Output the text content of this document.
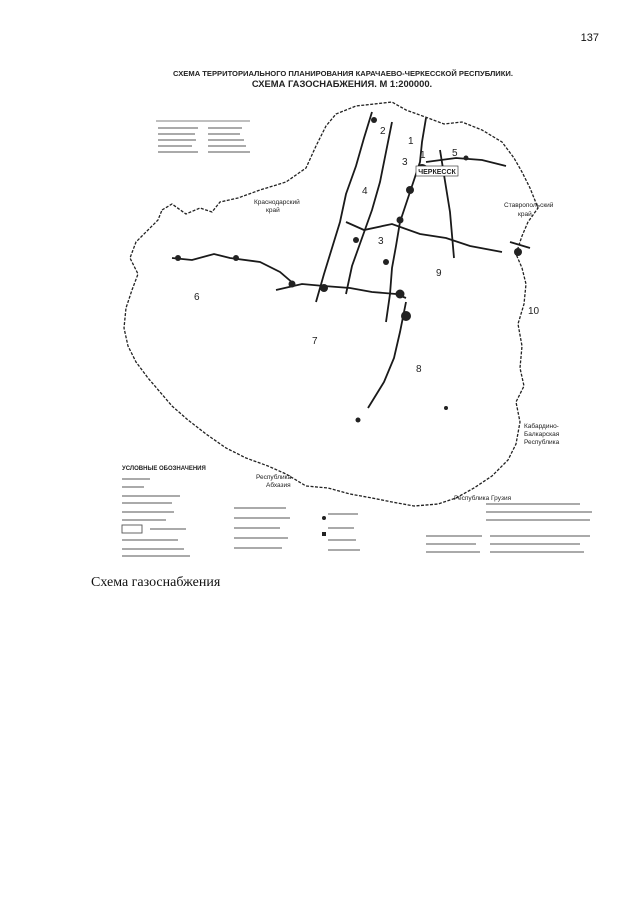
137
СХЕМА ТЕРРИТОРИАЛЬНОГО ПЛАНИРОВАНИЯ КАРАЧАЕВО-ЧЕРКЕССКОЙ РЕСПУБЛИКИ.
СХЕМА ГАЗОСНАБЖЕНИЯ. М 1:200000.
Краснодарский
край
Ставропольский
край
Кабардино-
Балкарская
Республика
Республика
Абхазия
Республика Грузия
ЧЕРКЕССК
1
2
3
4
5
6
7
8
9
10
3
1
УСЛОВНЫЕ ОБОЗНАЧЕНИЯ
Схема газоснабжения
